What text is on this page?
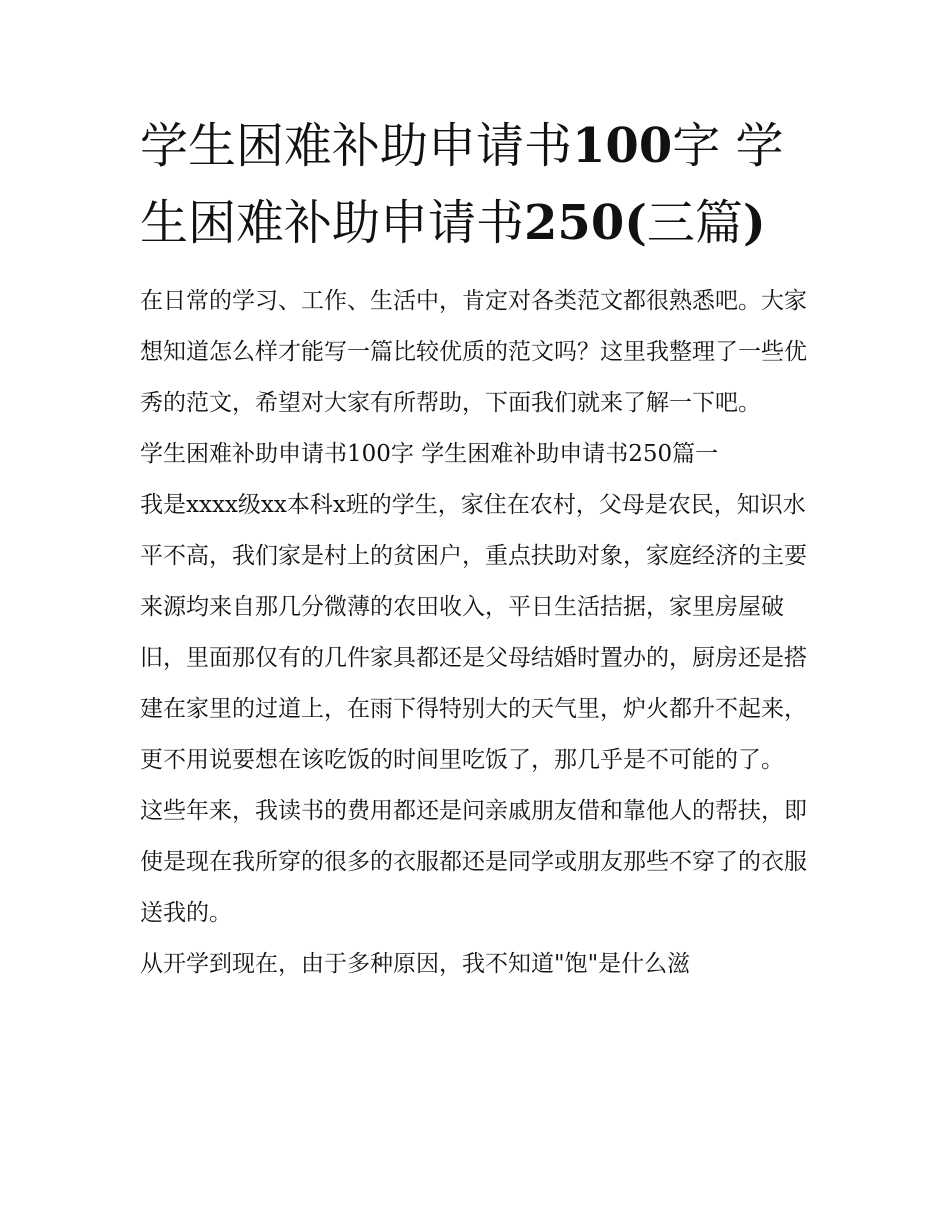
学生困难补助申请书100字 学生困难补助申请书250(三篇)

在日常的学习、工作、生活中，肯定对各类范文都很熟悉吧。大家想知道怎么样才能写一篇比较优质的范文吗？这里我整理了一些优秀的范文，希望对大家有所帮助，下面我们就来了解一下吧。

学生困难补助申请书100字 学生困难补助申请书250篇一

我是xxxx级xx本科x班的学生，家住在农村，父母是农民，知识水平不高，我们家是村上的贫困户，重点扶助对象，家庭经济的主要来源均来自那几分微薄的农田收入，平日生活拮据，家里房屋破旧，里面那仅有的几件家具都还是父母结婚时置办的，厨房还是搭建在家里的过道上，在雨下得特别大的天气里，炉火都升不起来，更不用说要想在该吃饭的时间里吃饭了，那几乎是不可能的了。

这些年来，我读书的费用都还是问亲戚朋友借和靠他人的帮扶，即使是现在我所穿的很多的衣服都还是同学或朋友那些不穿了的衣服送我的。

从开学到现在，由于多种原因，我不知道"饱"是什么滋
